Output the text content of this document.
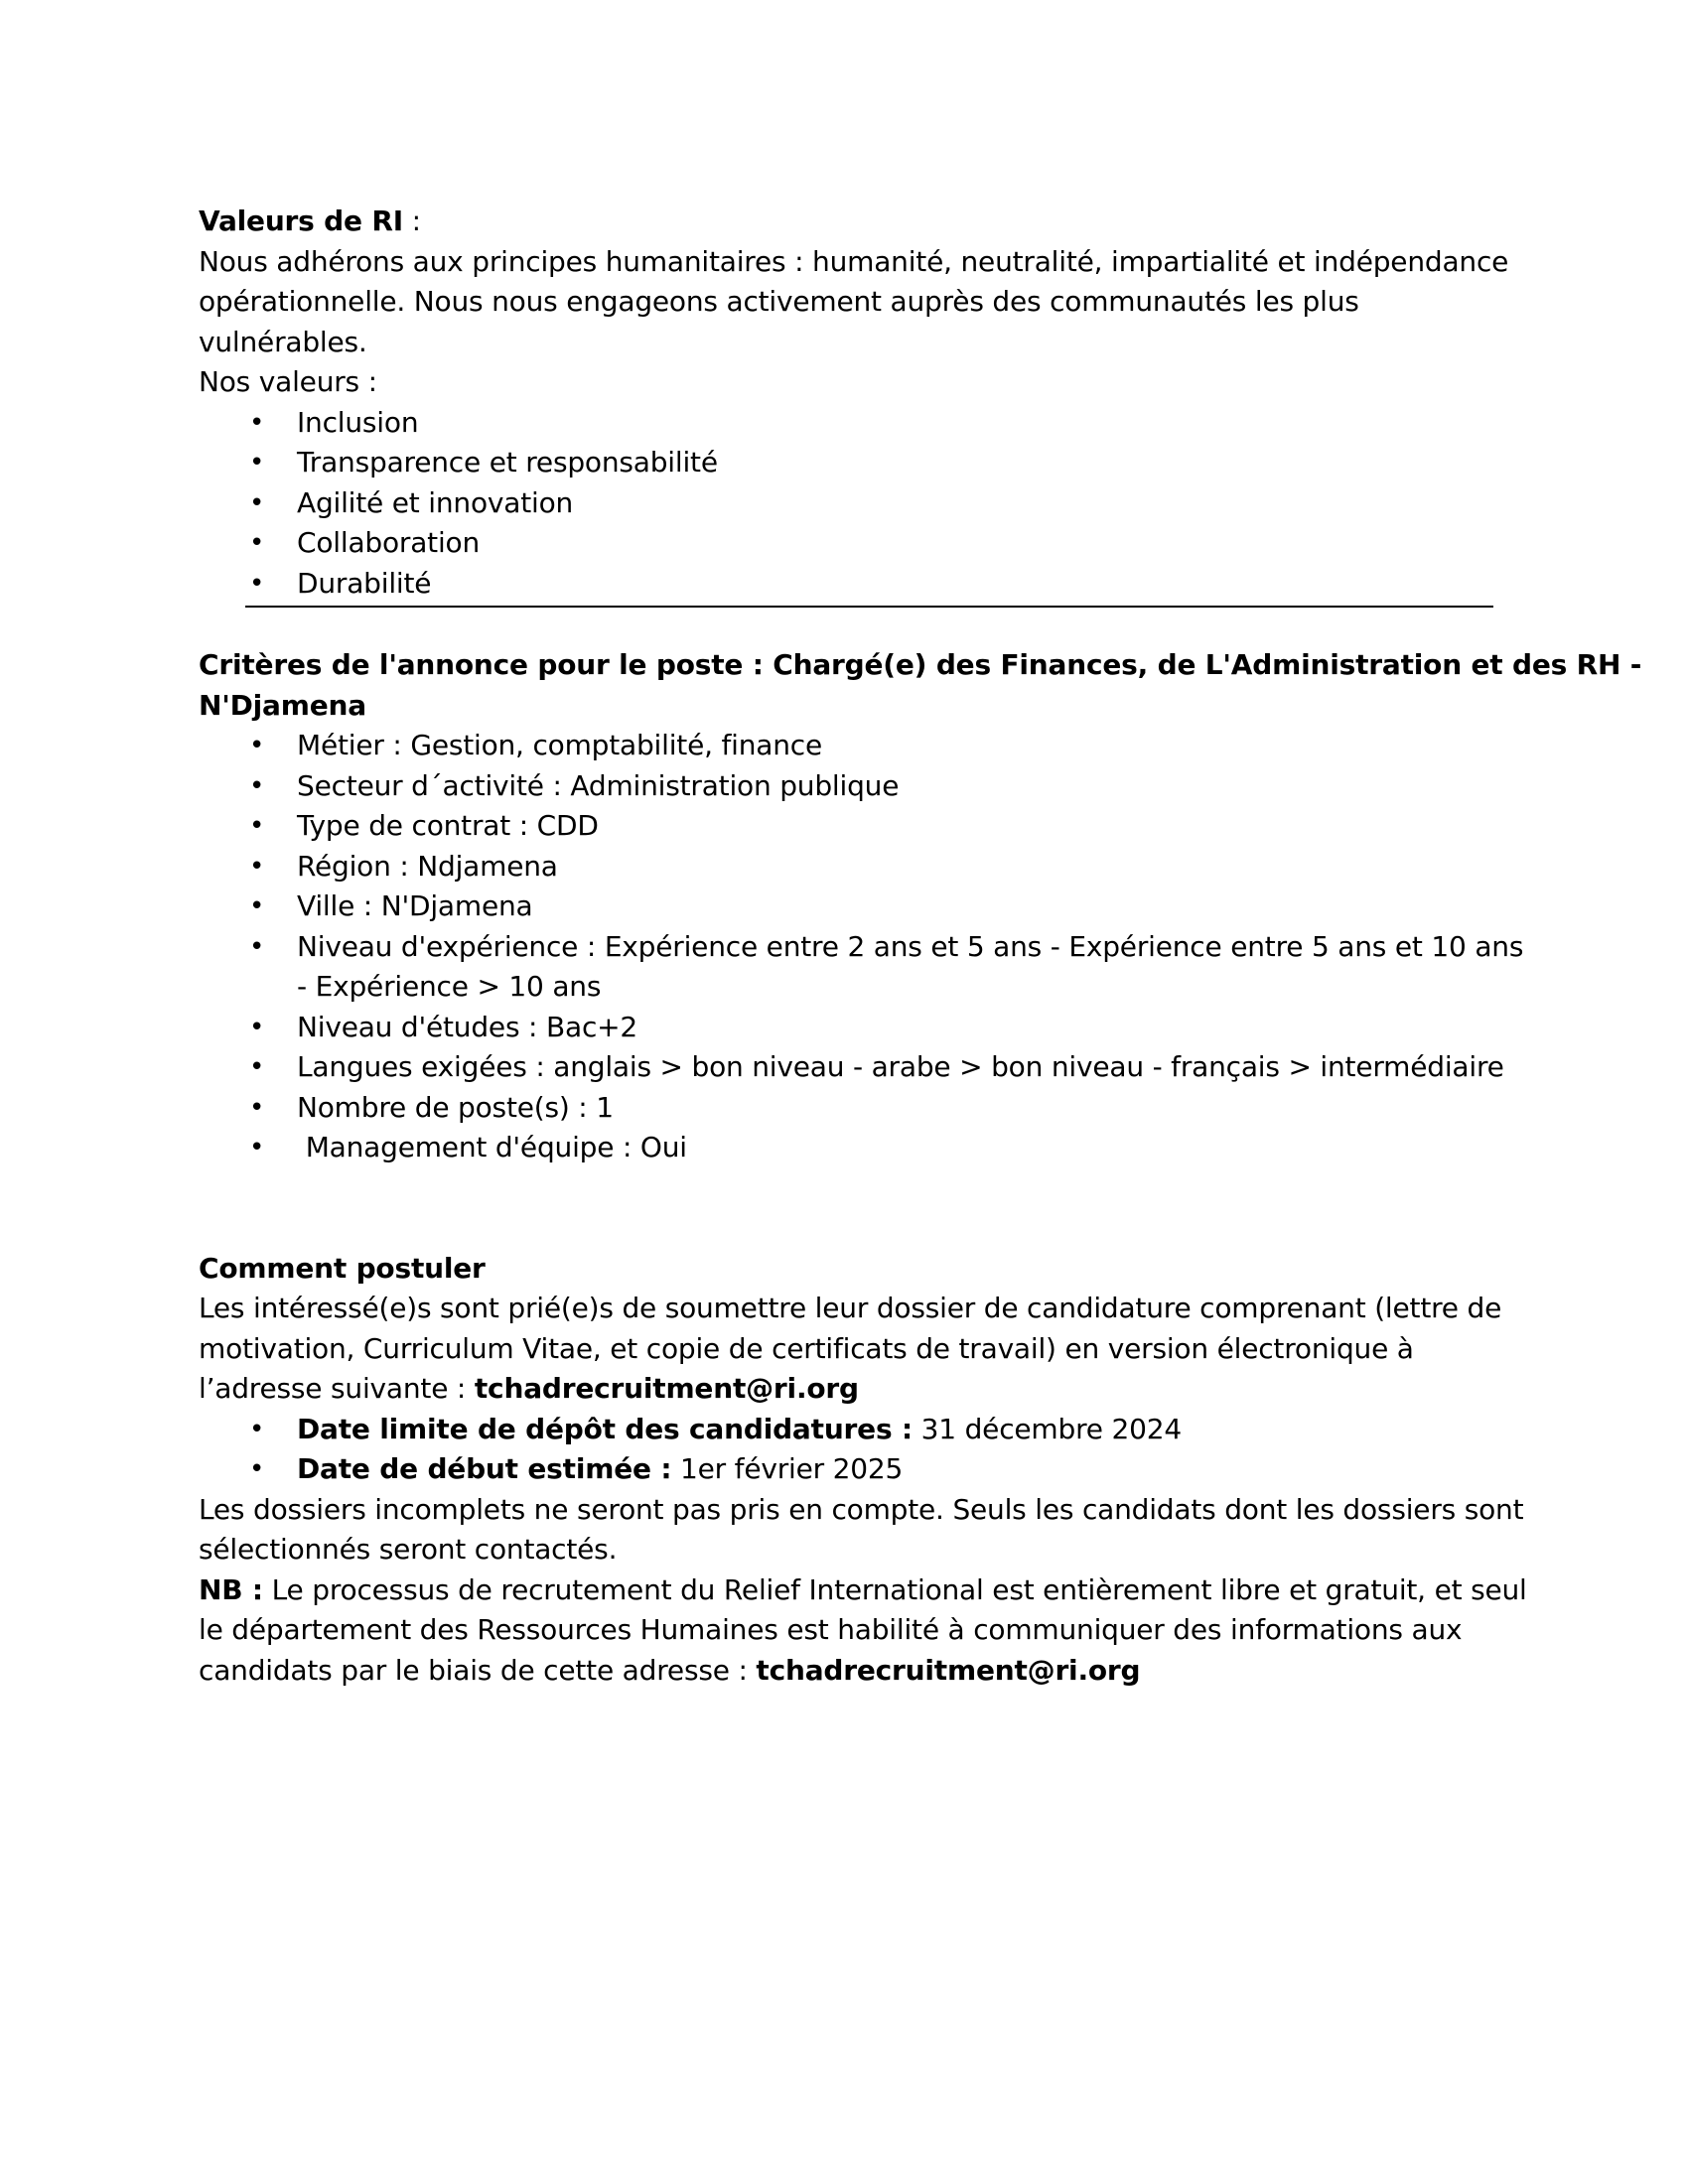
Valeurs de RI :
Nous adhérons aux principes humanitaires : humanité, neutralité, impartialité et indépendance
opérationnelle. Nous nous engageons activement auprès des communautés les plus
vulnérables.
Nos valeurs :
• Inclusion
• Transparence et responsabilité
• Agilité et innovation
• Collaboration
• Durabilité
Critères de l'annonce pour le poste : Chargé(e) des Finances, de L'Administration et des RH -
N'Djamena
• Métier : Gestion, comptabilité, finance
• Secteur d´activité : Administration publique
• Type de contrat : CDD
• Région : Ndjamena
• Ville : N'Djamena
• Niveau d'expérience : Expérience entre 2 ans et 5 ans - Expérience entre 5 ans et 10 ans
- Expérience > 10 ans
• Niveau d'études : Bac+2
• Langues exigées : anglais > bon niveau - arabe > bon niveau - français > intermédiaire
• Nombre de poste(s) : 1
• Management d'équipe : Oui
Comment postuler
Les intéressé(e)s sont prié(e)s de soumettre leur dossier de candidature comprenant (lettre de
motivation, Curriculum Vitae, et copie de certificats de travail) en version électronique à
l’adresse suivante : tchadrecruitment@ri.org
• Date limite de dépôt des candidatures : 31 décembre 2024
• Date de début estimée : 1er février 2025
Les dossiers incomplets ne seront pas pris en compte. Seuls les candidats dont les dossiers sont
sélectionnés seront contactés.
NB : Le processus de recrutement du Relief International est entièrement libre et gratuit, et seul
le département des Ressources Humaines est habilité à communiquer des informations aux
candidats par le biais de cette adresse : tchadrecruitment@ri.org
